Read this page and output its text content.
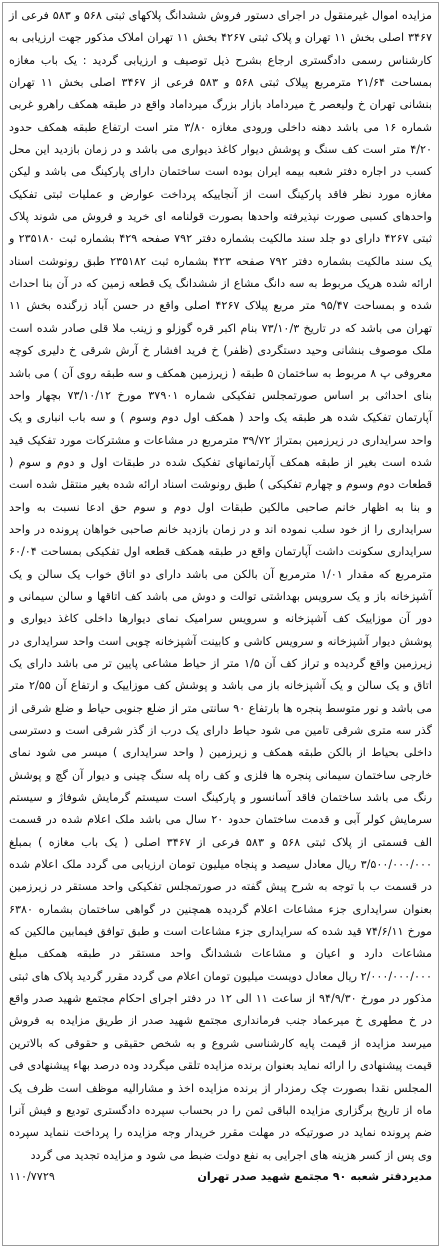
مزایده اموال غیرمنقول در اجرای دستور فروش ششدانگ پلاکهای ثبتی ۵۶۸ و ۵۸۳ فرعی از ۳۴۶۷ اصلی بخش ۱۱ تهران و پلاک ثبتی ۴۲۶۷ بخش ۱۱ تهران املاک مذکور جهت ارزیابی به کارشناس رسمی دادگستری ارجاع بشرح ذیل توصیف و ارزیابی گردید : یک باب مغازه بمساحت ۲۱/۶۴ مترمربع پیلاک ثبتی ۵۶۸ و ۵۸۳ فرعی از ۳۴۶۷ اصلی بخش ۱۱ تهران بنشانی تهران خ ولیعصر خ میرداماد بازار بزرگ میرداماد واقع در طبقه همکف راهرو غربی شماره ۱۶ می باشد دهنه داخلی ورودی مغازه ۳/۸۰ متر است ارتفاع طبقه همکف حدود ۴/۲۰ متر است کف سنگ و پوشش دیوار کاغذ دیواری می باشد و در زمان بازدید این محل کسب در اجاره دفتر شعبه بیمه ایران بوده است ساختمان دارای پارکینگ می باشد و لیکن مغازه مورد نظر فاقد پارکینگ است از آنجاییکه پرداخت عوارض و عملیات ثبتی تفکیک واحدهای کسبی صورت نپذیرفته واحدها بصورت قولنامه ای خرید و فروش می شوند پلاک ثبتی ۴۲۶۷ دارای دو جلد سند مالکیت بشماره دفتر ۷۹۲ صفحه ۴۲۹ بشماره ثبت ۲۳۵۱۸۰ و یک سند مالکیت بشماره دفتر ۷۹۲ صفحه ۴۲۳ بشماره ثبت ۲۳۵۱۸۲ طبق رونوشت اسناد ارائه شده هریک مربوط به سه دانگ مشاع از ششدانگ یک قطعه زمین که در آن بنا احداث شده و بمساحت ۹۵/۴۷ متر مربع پیلاک ۴۲۶۷ اصلی واقع در حسن آباد زرگنده بخش ۱۱ تهران می باشد که در تاریخ ۷۳/۱۰/۳ بنام اکبر قره گوزلو و زینب ملا قلی صادر شده است ملک موصوف بنشانی وحید دستگردی (ظفر) خ فرید افشار خ آرش شرقی خ دلیری کوچه معروفی پ ۸ مربوط به ساختمان ۵ طبقه ( زیرزمین همکف و سه طبقه روی آن ) می باشد بنای احداثی بر اساس صورتمجلس تفکیکی شماره ۳۷۹۰۱ مورخ ۷۳/۱۰/۱۲ بچهار واحد آپارتمان تفکیک شده هر طبقه یک واحد ( همکف اول دوم وسوم ) و سه باب انباری و یک واحد سرایداری در زیرزمین بمتراژ ۳۹/۷۲ مترمربع در مشاعات و مشترکات مورد تفکیک قید شده است بغیر از طبقه همکف آپارتمانهای تفکیک شده در طبقات اول و دوم و سوم ( قطعات دوم وسوم و چهارم تفکیکی ) طبق رونوشت اسناد ارائه شده بغیر منتقل شده است و بنا به اظهار خانم صاحبی مالکین طبقات اول دوم و سوم حق ادعا نسبت به واحد سرایداری را از خود سلب نموده اند و در زمان بازدید خانم صاحبی خواهان پرونده در واحد سرایداری سکونت داشت آپارتمان واقع در طبقه همکف قطعه اول تفکیکی بمساحت ۶۰/۰۴ مترمربع که مقدار ۱/۰۱ مترمربع آن بالکن می باشد دارای دو اتاق خواب یک سالن و یک آشپزخانه باز و یک سرویس بهداشتی توالت و دوش می باشد کف اتاقها و سالن سیمانی و دور آن موزاییک کف آشپزخانه و سرویس سرامیک نمای دیوارها داخلی کاغذ دیواری و پوشش دیوار آشپزخانه و سرویس کاشی و کابینت آشپزخانه چوبی است واحد سرایداری در زیرزمین واقع گردیده و تراز کف آن ۱/۵ متر از حیاط مشاعی پایین تر می باشد دارای یک اتاق و یک سالن و یک آشپزخانه باز می باشد و پوشش کف موزاییک و ارتفاع آن ۲/۵۵ متر می باشد و نور متوسط پنجره ها بارتفاع ۹۰ سانتی متر از ضلع جنوبی حیاط و ضلع شرقی از گذر سه متری شرقی تامین می شود حیاط دارای یک درب از گذر شرقی است و دسترسی داخلی بحیاط از بالکن طبقه همکف و زیرزمین ( واحد سرایداری ) میسر می شود نمای خارجی ساختمان سیمانی پنجره ها فلزی و کف راه پله سنگ چینی و دیوار آن گچ و پوشش رنگ می باشد ساختمان فاقد آسانسور و پارکینگ است سیستم گرمایش شوفاژ و سیستم سرمایش کولر آبی و قدمت ساختمان حدود ۲۰ سال می باشد ملک اعلام شده در قسمت الف قسمتی از پلاک ثبتی ۵۶۸ و ۵۸۳ فرعی از ۳۴۶۷ اصلی ( یک باب مغازه ) بمبلغ ۳/۵۰۰/۰۰۰/۰۰۰ ریال معادل سیصد و پنجاه میلیون تومان ارزیابی می گردد ملک اعلام شده در قسمت ب با توجه به شرح پیش گفته در صورتمجلس تفکیکی واحد مستقر در زیرزمین بعنوان سرایداری جزء مشاعات اعلام گردیده همچنین در گواهی ساختمان بشماره ۶۳۸۰ مورخ ۷۴/۶/۱۱ قید شده که سرایداری جزء مشاعات است و طبق توافق فیمابین مالکین که مشاعات دارد و اعیان و مشاعات ششدانگ واحد مستقر در طبقه همکف مبلغ ۲/۰۰۰/۰۰۰/۰۰۰ ریال معادل دویست میلیون تومان اعلام می گردد مقرر گردید پلاک های ثبتی مذکور در مورخ ۹۴/۹/۳۰ از ساعت ۱۱ الی ۱۲ در دفتر اجرای احکام مجتمع شهید صدر واقع در خ مطهری خ میرعماد جنب فرمانداری مجتمع شهید صدر از طریق مزایده به فروش میرسد مزایده از قیمت پایه کارشناسی شروع و به شخص حقیقی و حقوقی که بالاترین قیمت پیشنهادی را ارائه نماید بعنوان برنده مزایده تلقی میگردد وده درصد بهاء پیشنهادی فی المجلس نقدا بصورت چک رمزدار از برنده مزایده اخذ و مشارالیه موظف است ظرف یک ماه از تاریخ برگزاری مزایده الباقی ثمن را در بحساب سپرده دادگستری تودیع و فیش آنرا ضم پرونده نماید در صورتیکه در مهلت مقرر خریدار وجه مزایده را پرداخت ننماید سپرده وی پس از کسر هزینه های اجرایی به نفع دولت ضبط می شود و مزایده تجدید می گردد

مدیردفتر شعبه ۹۰ مجتمع شهید صدر تهران
۱۱۰/۷۷۲۹
